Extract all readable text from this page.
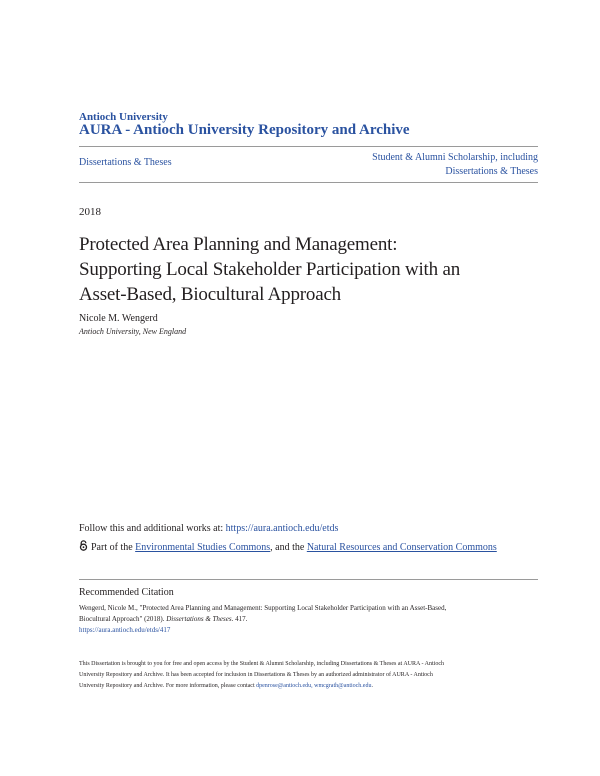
Antioch University
AURA - Antioch University Repository and Archive
Dissertations & Theses	Student & Alumni Scholarship, including
Dissertations & Theses
2018
Protected Area Planning and Management:
Supporting Local Stakeholder Participation with an
Asset-Based, Biocultural Approach
Nicole M. Wengerd
Antioch University, New England
Follow this and additional works at: https://aura.antioch.edu/etds
Part of the Environmental Studies Commons, and the Natural Resources and Conservation Commons
Recommended Citation
Wengerd, Nicole M., "Protected Area Planning and Management: Supporting Local Stakeholder Participation with an Asset-Based,
Biocultural Approach" (2018). Dissertations & Theses. 417.
https://aura.antioch.edu/etds/417
This Dissertation is brought to you for free and open access by the Student & Alumni Scholarship, including Dissertations & Theses at AURA - Antioch
University Repository and Archive. It has been accepted for inclusion in Dissertations & Theses by an authorized administrator of AURA - Antioch
University Repository and Archive. For more information, please contact dpenrose@antioch.edu, wmcgrath@antioch.edu.
